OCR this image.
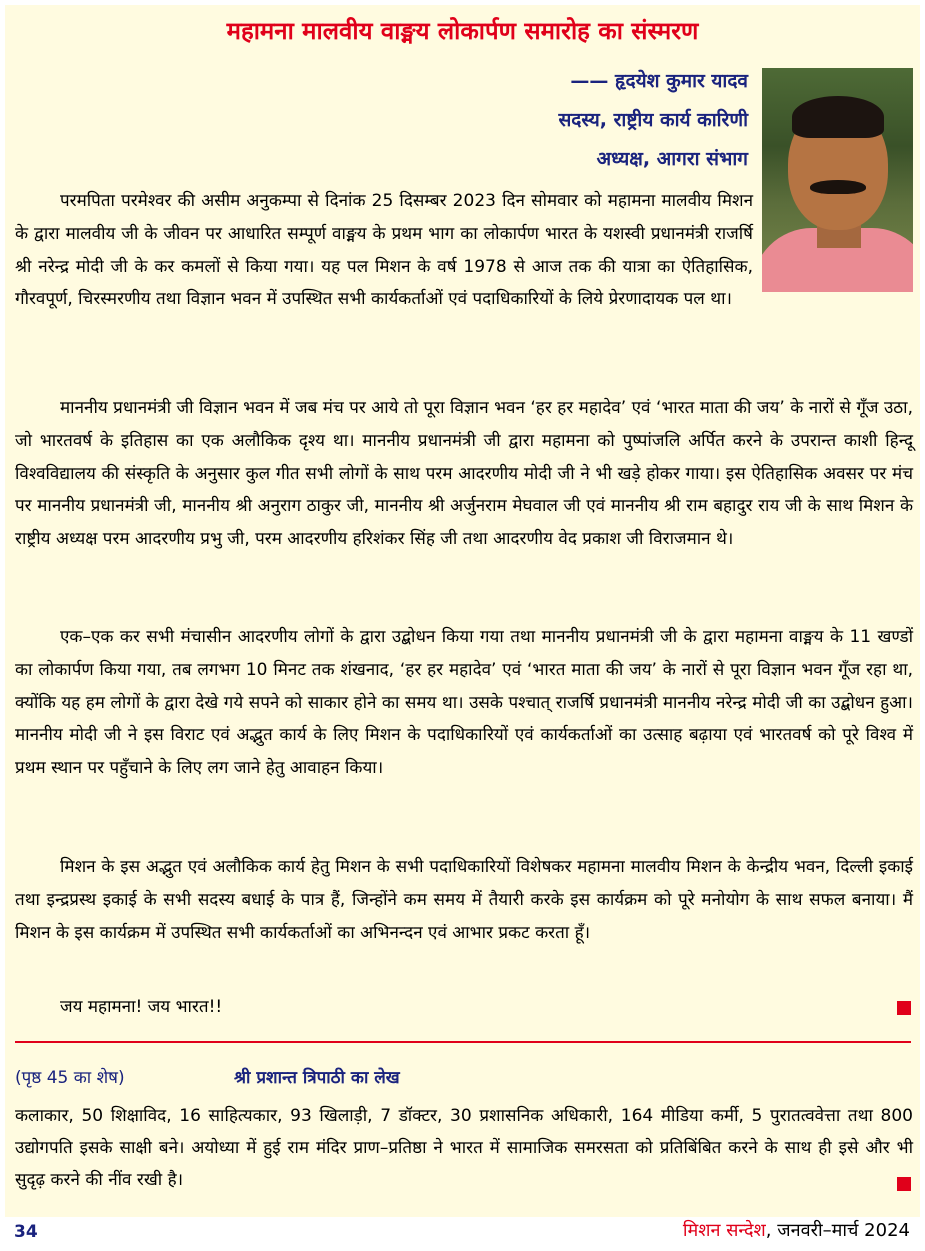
महामना मालवीय वाङ्मय लोकार्पण समारोह का संस्मरण
—— हृदयेश कुमार यादव
सदस्य, राष्ट्रीय कार्य कारिणी
अध्यक्ष, आगरा संभाग

परमपिता परमेश्वर की असीम अनुकम्पा से दिनांक 25 दिसम्बर 2023 दिन सोमवार को महामना मालवीय मिशन के द्वारा मालवीय जी के जीवन पर आधारित सम्पूर्ण वाङ्मय के प्रथम भाग का लोकार्पण भारत के यशस्वी प्रधानमंत्री राजर्षि श्री नरेन्द्र मोदी जी के कर कमलों से किया गया। यह पल मिशन के वर्ष 1978 से आज तक की यात्रा का ऐतिहासिक, गौरवपूर्ण, चिरस्मरणीय तथा विज्ञान भवन में उपस्थित सभी कार्यकर्ताओं एवं पदाधिकारियों के लिये प्रेरणादायक पल था।

माननीय प्रधानमंत्री जी विज्ञान भवन में जब मंच पर आये तो पूरा विज्ञान भवन ‘हर हर महादेव’ एवं ‘भारत माता की जय’ के नारों से गूँज उठा, जो भारतवर्ष के इतिहास का एक अलौकिक दृश्य था। माननीय प्रधानमंत्री जी द्वारा महामना को पुष्पांजलि अर्पित करने के उपरान्त काशी हिन्दू विश्वविद्यालय की संस्कृति के अनुसार कुल गीत सभी लोगों के साथ परम आदरणीय मोदी जी ने भी खड़े होकर गाया। इस ऐतिहासिक अवसर पर मंच पर माननीय प्रधानमंत्री जी, माननीय श्री अनुराग ठाकुर जी, माननीय श्री अर्जुनराम मेघवाल जी एवं माननीय श्री राम बहादुर राय जी के साथ मिशन के राष्ट्रीय अध्यक्ष परम आदरणीय प्रभु जी, परम आदरणीय हरिशंकर सिंह जी तथा आदरणीय वेद प्रकाश जी विराजमान थे।

एक–एक कर सभी मंचासीन आदरणीय लोगों के द्वारा उद्बोधन किया गया तथा माननीय प्रधानमंत्री जी के द्वारा महामना वाङ्मय के 11 खण्डों का लोकार्पण किया गया, तब लगभग 10 मिनट तक शंखनाद, ‘हर हर महादेव’ एवं ‘भारत माता की जय’ के नारों से पूरा विज्ञान भवन गूँज रहा था, क्योंकि यह हम लोगों के द्वारा देखे गये सपने को साकार होने का समय था। उसके पश्चात् राजर्षि प्रधानमंत्री माननीय नरेन्द्र मोदी जी का उद्बोधन हुआ। माननीय मोदी जी ने इस विराट एवं अद्भुत कार्य के लिए मिशन के पदाधिकारियों एवं कार्यकर्ताओं का उत्साह बढ़ाया एवं भारतवर्ष को पूरे विश्व में प्रथम स्थान पर पहुँचाने के लिए लग जाने हेतु आवाहन किया।

मिशन के इस अद्भुत एवं अलौकिक कार्य हेतु मिशन के सभी पदाधिकारियों विशेषकर महामना मालवीय मिशन के केन्द्रीय भवन, दिल्ली इकाई तथा इन्द्रप्रस्थ इकाई के सभी सदस्य बधाई के पात्र हैं, जिन्होंने कम समय में तैयारी करके इस कार्यक्रम को पूरे मनोयोग के साथ सफल बनाया। मैं मिशन के इस कार्यक्रम में उपस्थित सभी कार्यकर्ताओं का अभिनन्दन एवं आभार प्रकट करता हूँ।

जय महामना! जय भारत!!
(पृष्ठ 45 का शेष)	श्री प्रशान्त त्रिपाठी का लेख

कलाकार, 50 शिक्षाविद, 16 साहित्यकार, 93 खिलाड़ी, 7 डॉक्टर, 30 प्रशासनिक अधिकारी, 164 मीडिया कर्मी, 5 पुरातत्ववेत्ता तथा 800 उद्योगपति इसके साक्षी बने। अयोध्या में हुई राम मंदिर प्राण–प्रतिष्ठा ने भारत में सामाजिक समरसता को प्रतिबिंबित करने के साथ ही इसे और भी सुदृढ़ करने की नींव रखी है।

34	मिशन सन्देश, जनवरी–मार्च 2024
